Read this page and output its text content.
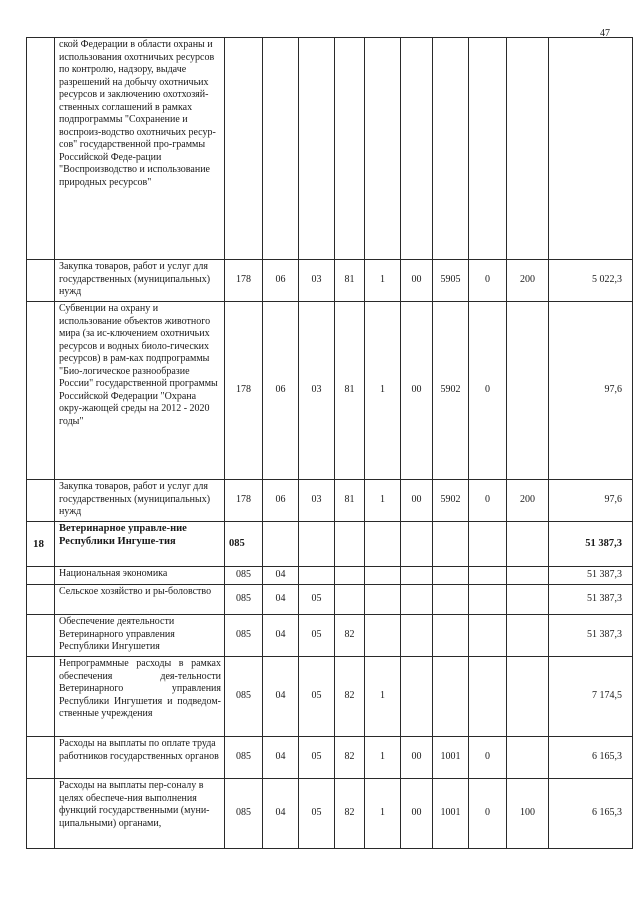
47
	ской Федерации в области охраны и использования охотничьих ресурсов по контролю, надзору, выдаче разрешений на добычу охотничьих ресурсов и заключению охотхозяй-ственных соглашений в рамках подпрограммы "Сохранение и воспроиз-водство охотничьих ресур-сов" государственной про-граммы Российской Феде-рации "Воспроизводство и использование природных ресурсов"										
	Закупка товаров, работ и услуг для государственных (муниципальных) нужд	178	06	03	81	1	00	5905	0	200	5 022,3
	Субвенции на охрану и использование объектов животного мира (за ис-ключением охотничьих ресурсов и водных биоло-гических ресурсов) в рам-ках подпрограммы "Био-логическое разнообразие России" государственной программы Российской Федерации "Охрана окру-жающей среды на 2012 - 2020 годы"	178	06	03	81	1	00	5902	0		97,6
	Закупка товаров, работ и услуг для государственных (муниципальных) нужд	178	06	03	81	1	00	5902	0	200	97,6
18	Ветеринарное управле-ние Республики Ингуше-тия	085									51 387,3
	Национальная экономика	085	04								51 387,3
	Сельское хозяйство и ры-боловство	085	04	05							51 387,3
	Обеспечение деятельности Ветеринарного управления Республики Ингушетия	085	04	05	82						51 387,3
	Непрограммные расходы в рамках обеспечения дея-тельности Ветеринарного управления Республики Ингушетия и подведом-ственные учреждения	085	04	05	82	1					7 174,5
	Расходы на выплаты по оплате труда работников государственных органов	085	04	05	82	1	00	1001	0		6 165,3
	Расходы на выплаты пер-соналу в целях обеспече-ния выполнения функций государственными (муни-ципальными) органами,	085	04	05	82	1	00	1001	0	100	6 165,3
